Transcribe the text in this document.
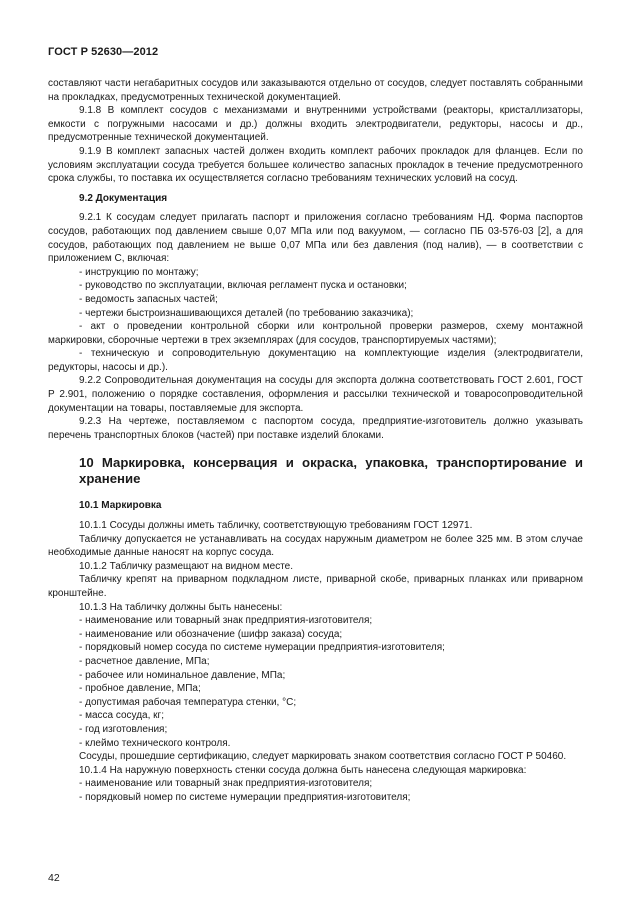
ГОСТ Р 52630—2012

составляют части негабаритных сосудов или заказываются отдельно от сосудов, следует поставлять собранными на прокладках, предусмотренных технической документацией.

9.1.8 В комплект сосудов с механизмами и внутренними устройствами (реакторы, кристаллизаторы, емкости с погружными насосами и др.) должны входить электродвигатели, редукторы, насосы и др., предусмотренные технической документацией.

9.1.9 В комплект запасных частей должен входить комплект рабочих прокладок для фланцев. Если по условиям эксплуатации сосуда требуется большее количество запасных прокладок в течение предусмотренного срока службы, то поставка их осуществляется согласно требованиям технических условий на сосуд.

9.2 Документация

9.2.1 К сосудам следует прилагать паспорт и приложения согласно требованиям НД. Форма паспортов сосудов, работающих под давлением свыше 0,07 МПа или под вакуумом, — согласно ПБ 03-576-03 [2], а для сосудов, работающих под давлением не выше 0,07 МПа или без давления (под налив), — в соответствии с приложением С, включая:

- инструкцию по монтажу;

- руководство по эксплуатации, включая регламент пуска и остановки;

- ведомость запасных частей;

- чертежи быстроизнашивающихся деталей (по требованию заказчика);

- акт о проведении контрольной сборки или контрольной проверки размеров, схему монтажной маркировки, сборочные чертежи в трех экземплярах (для сосудов, транспортируемых частями);

- техническую и сопроводительную документацию на комплектующие изделия (электродвигатели, редукторы, насосы и др.).

9.2.2 Сопроводительная документация на сосуды для экспорта должна соответствовать ГОСТ 2.601, ГОСТ Р 2.901, положению о порядке составления, оформления и рассылки технической и товаросопроводительной документации на товары, поставляемые для экспорта.

9.2.3 На чертеже, поставляемом с паспортом сосуда, предприятие-изготовитель должно указывать перечень транспортных блоков (частей) при поставке изделий блоками.

10 Маркировка, консервация и окраска, упаковка, транспортирование и хранение

10.1 Маркировка

10.1.1 Сосуды должны иметь табличку, соответствующую требованиям ГОСТ 12971.

Табличку допускается не устанавливать на сосудах наружным диаметром не более 325 мм. В этом случае необходимые данные наносят на корпус сосуда.

10.1.2 Табличку размещают на видном месте.

Табличку крепят на приварном подкладном листе, приварной скобе, приварных планках или приварном кронштейне.

10.1.3 На табличку должны быть нанесены:

- наименование или товарный знак предприятия-изготовителя;

- наименование или обозначение (шифр заказа) сосуда;

- порядковый номер сосуда по системе нумерации предприятия-изготовителя;

- расчетное давление, МПа;

- рабочее или номинальное давление, МПа;

- пробное давление, МПа;

- допустимая рабочая температура стенки, °С;

- масса сосуда, кг;

- год изготовления;

- клеймо технического контроля.

Сосуды, прошедшие сертификацию, следует маркировать знаком соответствия согласно ГОСТ Р 50460.

10.1.4 На наружную поверхность стенки сосуда должна быть нанесена следующая маркировка:

- наименование или товарный знак предприятия-изготовителя;

- порядковый номер по системе нумерации предприятия-изготовителя;

42
